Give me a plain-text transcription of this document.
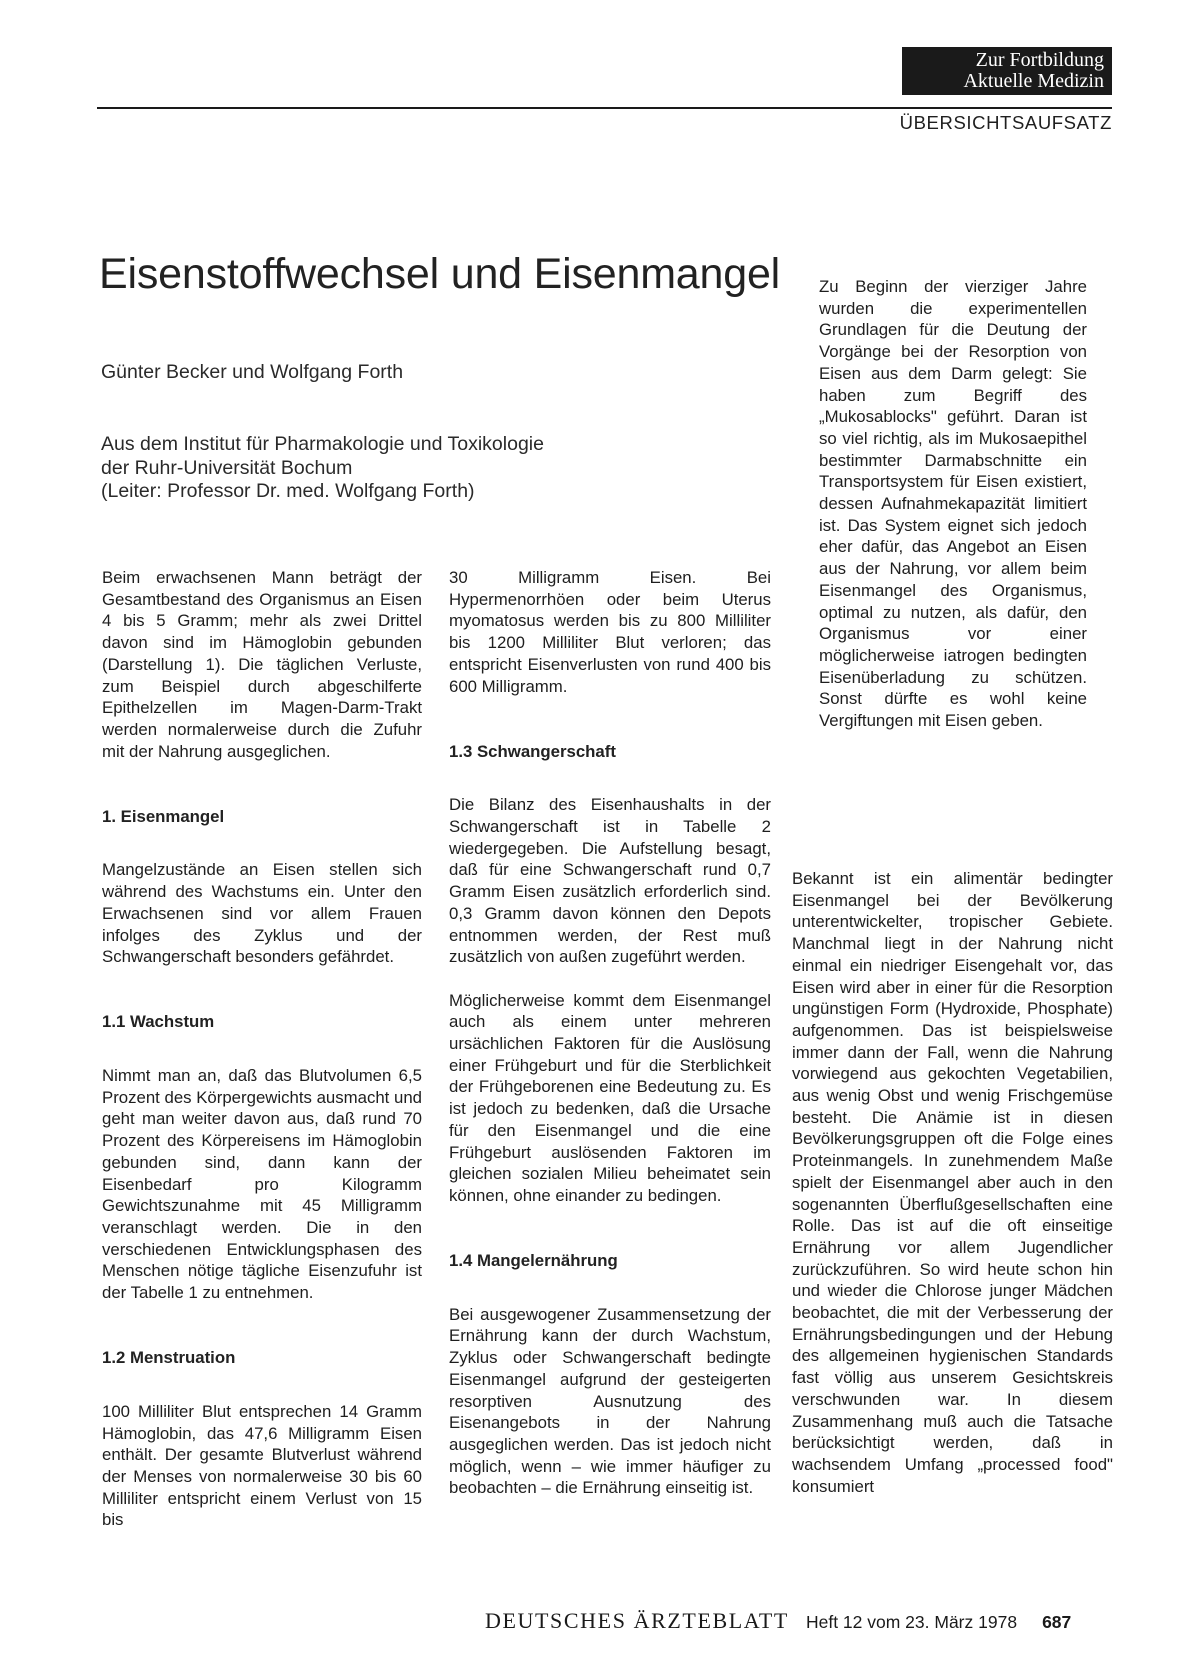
Zur Fortbildung
Aktuelle Medizin
ÜBERSICHTSAUFSATZ
Eisenstoffwechsel und Eisenmangel
Günter Becker und Wolfgang Forth
Aus dem Institut für Pharmakologie und Toxikologie
der Ruhr-Universität Bochum
(Leiter: Professor Dr. med. Wolfgang Forth)

Beim erwachsenen Mann beträgt der Gesamtbestand des Organismus an Eisen 4 bis 5 Gramm; mehr als zwei Drittel davon sind im Hämoglobin gebunden (Darstellung 1). Die täglichen Verluste, zum Beispiel durch abgeschilferte Epithelzellen im Magen-Darm-Trakt werden normalerweise durch die Zufuhr mit der Nahrung ausgeglichen.

1. Eisenmangel

Mangelzustände an Eisen stellen sich während des Wachstums ein. Unter den Erwachsenen sind vor allem Frauen infolges des Zyklus und der Schwangerschaft besonders gefährdet.

1.1 Wachstum

Nimmt man an, daß das Blutvolumen 6,5 Prozent des Körpergewichts ausmacht und geht man weiter davon aus, daß rund 70 Prozent des Körpereisens im Hämoglobin gebunden sind, dann kann der Eisenbedarf pro Kilogramm Gewichtszunahme mit 45 Milligramm veranschlagt werden. Die in den verschiedenen Entwicklungsphasen des Menschen nötige tägliche Eisenzufuhr ist der Tabelle 1 zu entnehmen.

1.2 Menstruation

100 Milliliter Blut entsprechen 14 Gramm Hämoglobin, das 47,6 Milligramm Eisen enthält. Der gesamte Blutverlust während der Menses von normalerweise 30 bis 60 Milliliter entspricht einem Verlust von 15 bis

30 Milligramm Eisen. Bei Hypermenorrhöen oder beim Uterus myomatosus werden bis zu 800 Milliliter bis 1200 Milliliter Blut verloren; das entspricht Eisenverlusten von rund 400 bis 600 Milligramm.

1.3 Schwangerschaft

Die Bilanz des Eisenhaushalts in der Schwangerschaft ist in Tabelle 2 wiedergegeben. Die Aufstellung besagt, daß für eine Schwangerschaft rund 0,7 Gramm Eisen zusätzlich erforderlich sind. 0,3 Gramm davon können den Depots entnommen werden, der Rest muß zusätzlich von außen zugeführt werden.

Möglicherweise kommt dem Eisenmangel auch als einem unter mehreren ursächlichen Faktoren für die Auslösung einer Frühgeburt und für die Sterblichkeit der Frühgeborenen eine Bedeutung zu. Es ist jedoch zu bedenken, daß die Ursache für den Eisenmangel und die eine Frühgeburt auslösenden Faktoren im gleichen sozialen Milieu beheimatet sein können, ohne einander zu bedingen.

1.4 Mangelernährung

Bei ausgewogener Zusammensetzung der Ernährung kann der durch Wachstum, Zyklus oder Schwangerschaft bedingte Eisenmangel aufgrund der gesteigerten resorptiven Ausnutzung des Eisenangebots in der Nahrung ausgeglichen werden. Das ist jedoch nicht möglich, wenn – wie immer häufiger zu beobachten – die Ernährung einseitig ist.

Zu Beginn der vierziger Jahre wurden die experimentellen Grundlagen für die Deutung der Vorgänge bei der Resorption von Eisen aus dem Darm gelegt: Sie haben zum Begriff des „Mukosablocks" geführt. Daran ist so viel richtig, als im Mukosaepithel bestimmter Darmabschnitte ein Transportsystem für Eisen existiert, dessen Aufnahmekapazität limitiert ist. Das System eignet sich jedoch eher dafür, das Angebot an Eisen aus der Nahrung, vor allem beim Eisenmangel des Organismus, optimal zu nutzen, als dafür, den Organismus vor einer möglicherweise iatrogen bedingten Eisenüberladung zu schützen. Sonst dürfte es wohl keine Vergiftungen mit Eisen geben.

Bekannt ist ein alimentär bedingter Eisenmangel bei der Bevölkerung unterentwickelter, tropischer Gebiete. Manchmal liegt in der Nahrung nicht einmal ein niedriger Eisengehalt vor, das Eisen wird aber in einer für die Resorption ungünstigen Form (Hydroxide, Phosphate) aufgenommen. Das ist beispielsweise immer dann der Fall, wenn die Nahrung vorwiegend aus gekochten Vegetabilien, aus wenig Obst und wenig Frischgemüse besteht. Die Anämie ist in diesen Bevölkerungsgruppen oft die Folge eines Proteinmangels. In zunehmendem Maße spielt der Eisenmangel aber auch in den sogenannten Überflußgesellschaften eine Rolle. Das ist auf die oft einseitige Ernährung vor allem Jugendlicher zurückzuführen. So wird heute schon hin und wieder die Chlorose junger Mädchen beobachtet, die mit der Verbesserung der Ernährungsbedingungen und der Hebung des allgemeinen hygienischen Standards fast völlig aus unserem Gesichtskreis verschwunden war. In diesem Zusammenhang muß auch die Tatsache berücksichtigt werden, daß in wachsendem Umfang „processed food" konsumiert

DEUTSCHES ÄRZTEBLATT Heft 12 vom 23. März 1978 687
